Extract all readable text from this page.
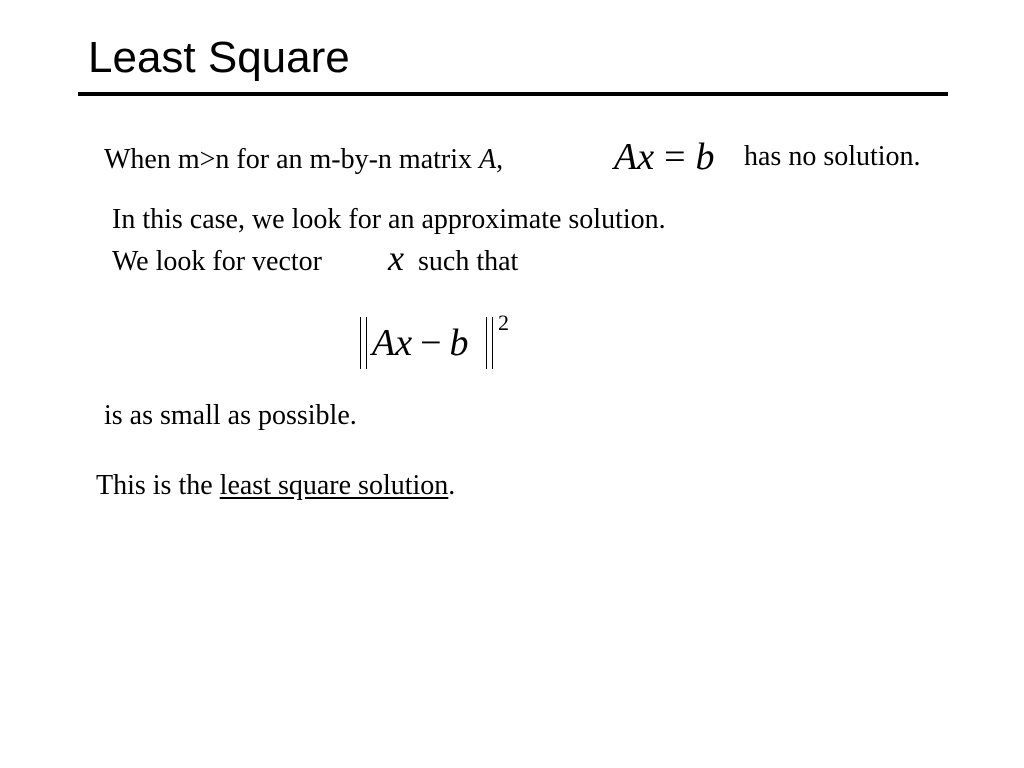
Least Square
When m>n for an m-by-n matrix A,	Ax = b has no solution.
In this case, we look for an approximate solution.
We look for vector x such that
Ax − b 2
is as small as possible.
This is the least square solution.
